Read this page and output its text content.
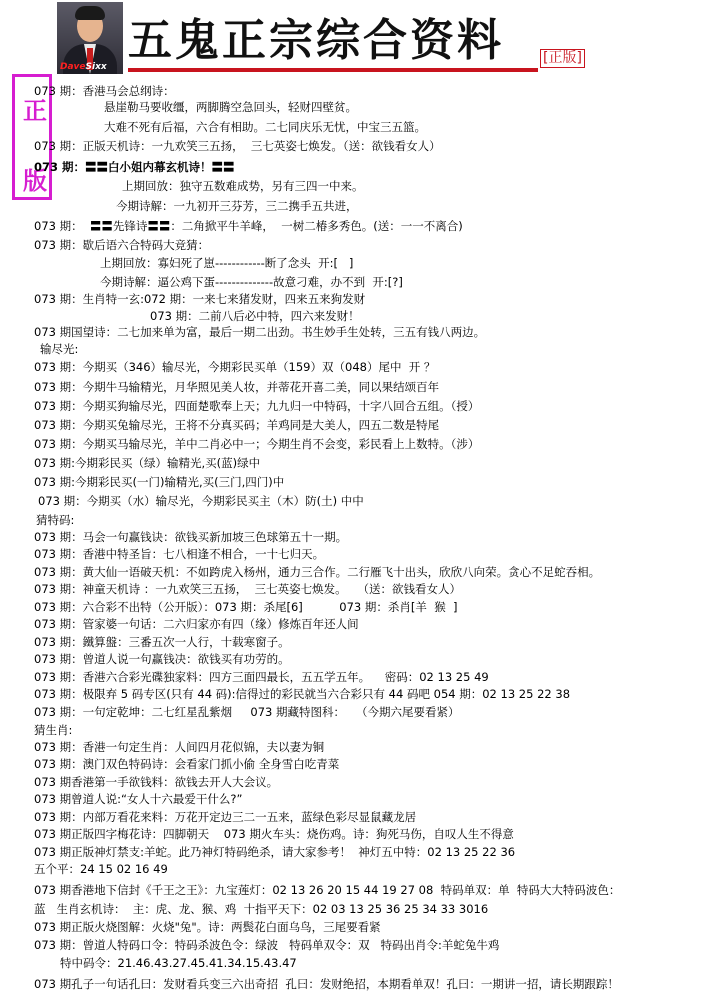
DaveSixx
五鬼正宗综合资料	[正版]
正
版
073 期：香港马会总纲诗：
悬崖勒马要收缰，两脚腾空急回头，轻财四壁贫。
大难不死有后福，六合有相助。二七同庆乐无忧，中宝三五篮。
073 期：正版天机诗：一九欢笑三五扬，  三七英姿七焕发。（送：欲钱看女人）
073 期：〓〓白小姐内幕玄机诗！〓〓
上期回放：独守五数难成势，另有三四一中来。
今期诗解：一九初开三芬芳，三二携手五共进，
073 期：  〓〓先锋诗〓〓：二角掀平牛羊峰，  一树二椿多秀色。(送：一一不离合)
073 期：歇后语六合特码大竞猜：
上期回放：寡妇死了崽------------断了念头  开:[   ]
今期诗解：逼公鸡下蛋--------------故意刁难，办不到  开:[?]
073 期：生肖特一玄:072 期：一来七来猪发财，四来五来狗发财
073 期：二前八后必中特，四六来发财！
073 期国望诗：二七加来单为富，最后一期二出劲。书生妙手生处转，三五有钱八两边。
输尽光:
073 期：今期买（346）输尽光，今期彩民买单（159）双（048）尾中  开 ？
073 期：今期牛马输精光，月华照见美人妆，并蒂花开喜二美，同以果结颂百年
073 期：今期买狗输尽光，四面楚歌奉上天；九九归一中特码，十字八回合五组。（授）
073 期：今期买兔输尽光，王将不分真买码；羊鸡同是大美人，四五二数是特尾
073 期：今期买马输尽光，羊中二肖必中一；今期生肖不会变，彩民看上上数特。（涉）
073 期:今期彩民买（绿）输精光,买(蓝)绿中
073 期:今期彩民买(一门)输精光,买(三门,四门)中
073 期：今期买（水）输尽光，今期彩民买主（木）防(土) 中中
猜特码:
073 期：马会一句赢钱诀：欲钱买新加坡三色球第五十一期。
073 期：香港中特圣旨：七八相逢不相合，一十七归天。
073 期：黄大仙一语破天机：不如跨虎入杨州，通力三合作。二行雁飞十出头，欣欣八向荣。贪心不足蛇吞相。
073 期：神童天机诗 ：一九欢笑三五扬，  三七英姿七焕发。   （送：欲钱看女人）
073 期：六合彩不出特（公开版）：073 期：杀尾[6]          073 期：杀肖[羊  猴  ]
073 期：管家婆一句话：二六归家亦有四（缘）修炼百年还人间
073 期：鐵算盤：三番五次一人行，十载寒窗子。
073 期：曾道人说一句赢钱决：欲钱买有功劳的。
073 期：香港六合彩光碟独家料：四方三面四最长，五五学五年。    密码：02 13 25 49
073 期：极限弃 5 码专区(只有 44 码):信得过的彩民就当六合彩只有 44 码吧 054 期：02 13 25 22 38
073 期：一句定乾坤：二七红星乱紫烟     073 期藏特图科：   （今期六尾要看紧）
猜生肖:
073 期：香港一句定生肖：人间四月花似锦，夫以妻为铜
073 期：澳门双色特码诗：会看家门抓小偷 全身雪白吃青菜
073 期香港第一手欲钱料：欲钱去开人大会议。
073 期曾道人说:“女人十六最爱干什么?”
073 期：内部万看花来料：万花开定边三二一五来，蓝绿色彩尽显鼠藏龙居
073 期正版四字梅花诗：四脚朝天    073 期火车头：烧伤鸡。诗：狗死马伤，自叹人生不得意
073 期正版神灯禁支:羊蛇。此乃神灯特码绝杀，请大家参考！  神灯五中特：02 13 25 22 36
五个平：24 15 02 16 49
073 期香港地下信封《千王之王》：九宝莲灯：02 13 26 20 15 44 19 27 08  特码单双：单  特码大大特码波色：
蓝   生肖玄机诗：  主：虎、龙、猴、鸡  十指平天下：02 03 13 25 36 25 34 33 3016
073 期正版火烧图解：火烧"兔"。诗：两鬓花白面乌鸟，三尾要看紧
073 期：曾道人特码口令：特码杀波色令：绿波   特码单双令：双   特码出肖令:羊蛇兔牛鸡
特中码令：21.46.43.27.45.41.34.15.43.47
073 期孔子一句话孔曰：发财看兵变三六出奇招  孔曰：发财绝招，本期看单双！孔曰：一期讲一招，请长期跟踪！
